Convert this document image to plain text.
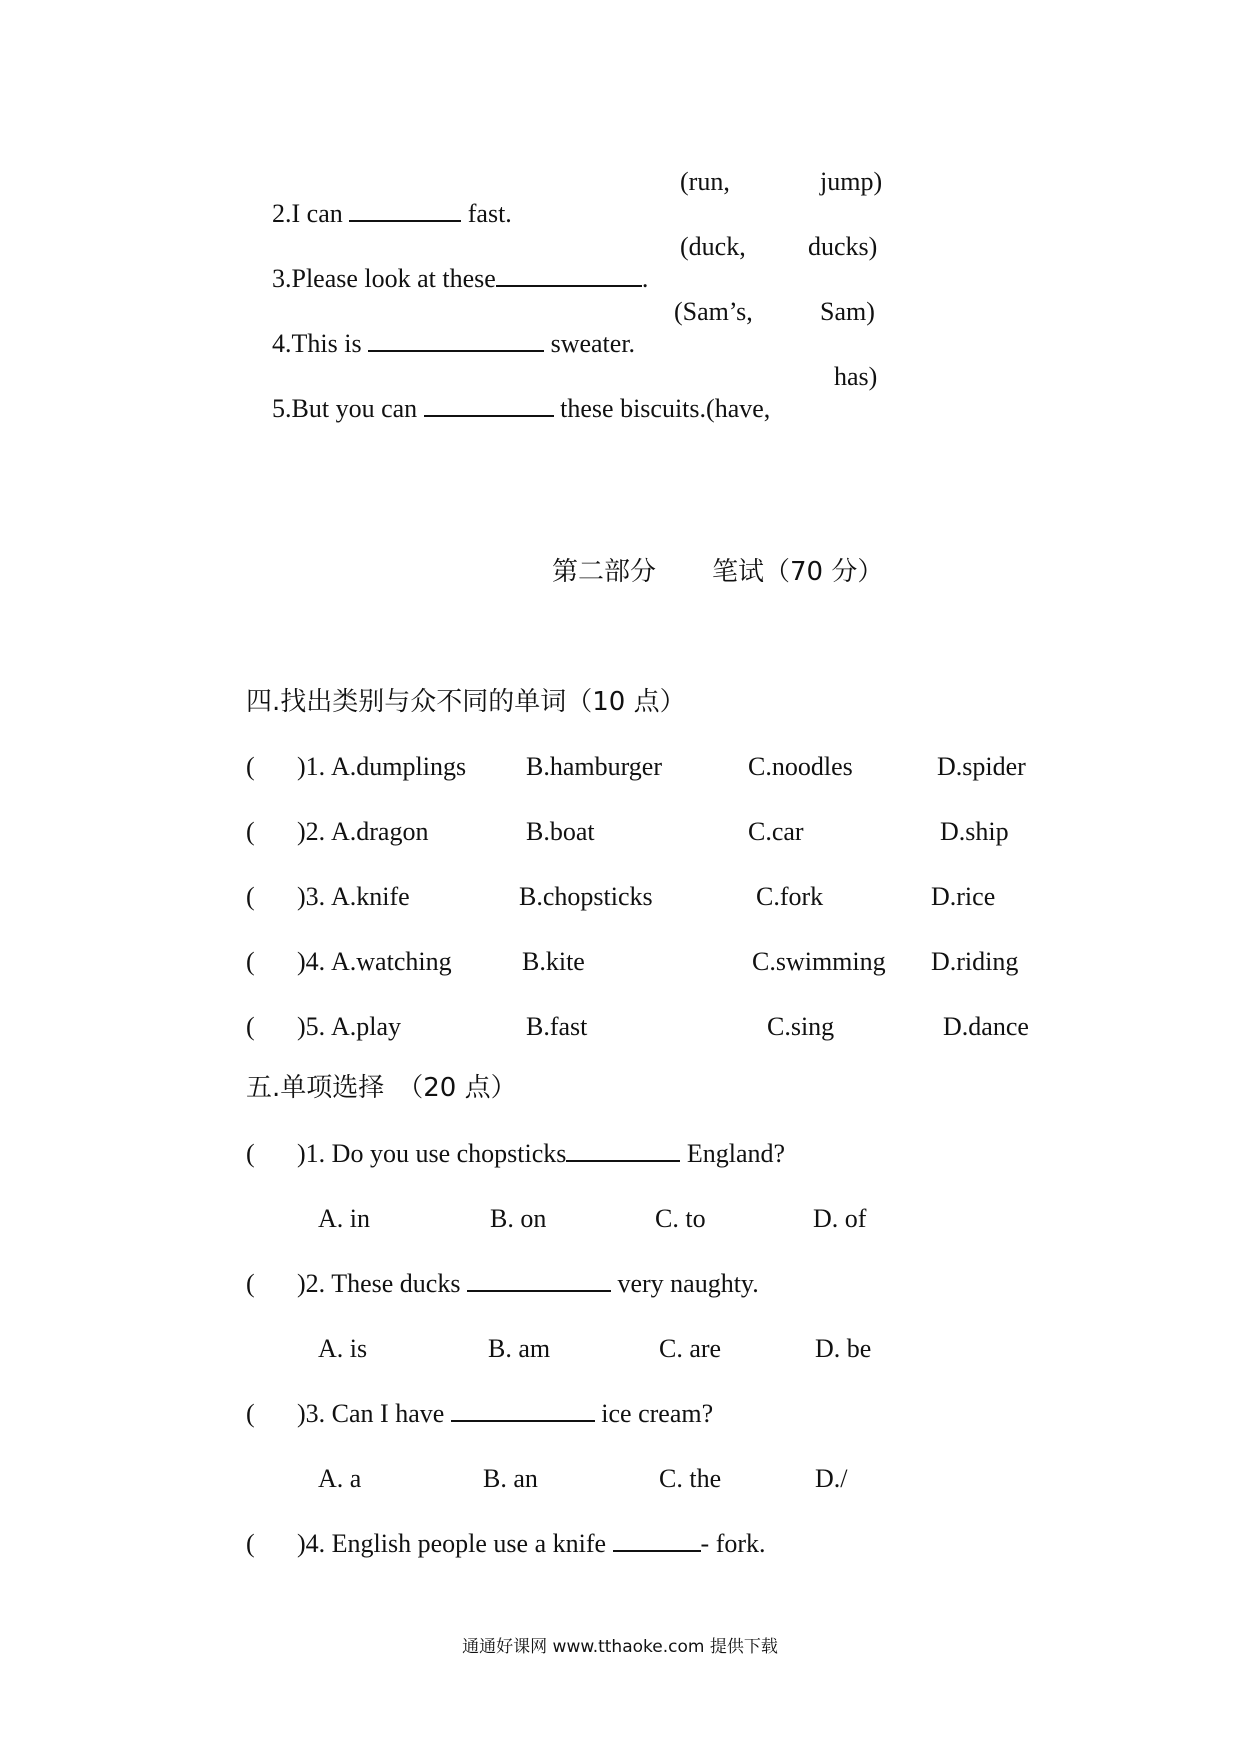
2.I can	fast.

(run,	jump)

3.Please look at these	.

(duck, ducks)

4.This is	sweater.

(Sam’s,	Sam)

5.But you can	these biscuits.(have,

has)
第二部分 笔试（70 分）
四.找出类别与众不同的单词（10 点）
( )1. A.dumplings B.hamburger	C.noodles	D.spider
( )2. A.dragon	B.boat	C.car	D.ship
( )3. A.knife	B.chopsticks	C.fork	D.rice
( )4. A.watching	B.kite	C.swimming D.riding
( )5. A.play	B.fast	C.sing	D.dance
五.单项选择　（20 点）
( )1. Do you use chopsticks	England?
A. in	B. on	C. to	D. of
( )2. These ducks	very naughty.
A. is	B. am	C. are	D. be
( )3. Can I have	ice cream?
A. a	B. an	C. the	D./
( )4. English people use a knife	- fork.
通通好课网 www.tthaoke.com 提供下载
